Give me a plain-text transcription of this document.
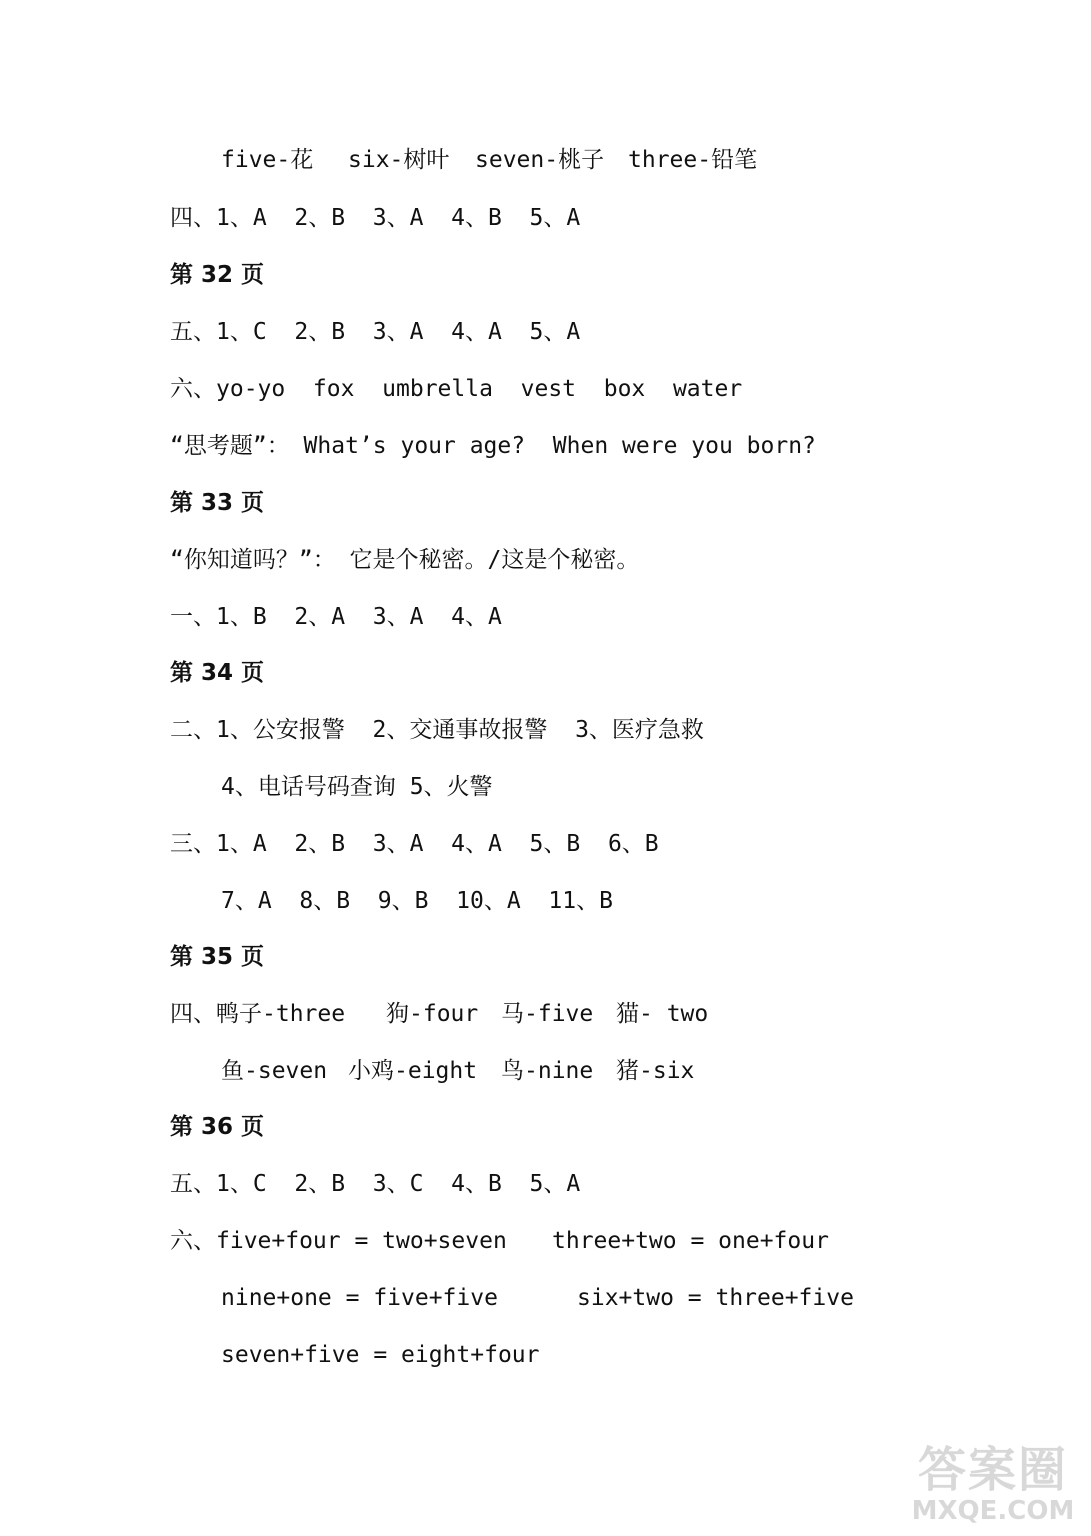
five-花

six-树叶

seven-桃子

three-铅笔

四、1、A  2、B  3、A  4、B  5、A
第 32 页
五、1、C  2、B  3、A  4、A  5、A
六、yo-yo  fox  umbrella  vest  box  water
“思考题”： What’s your age?  When were you born?
第 33 页
“你知道吗？”： 它是个秘密。/这是个秘密。
一、1、B  2、A  3、A  4、A
第 34 页
二、1、公安报警  2、交通事故报警  3、医疗急救
4、电话号码查询 5、火警
三、1、A  2、B  3、A  4、A  5、B  6、B
7、A  8、B  9、B  10、A  11、B
第 35 页

四、鸭子-three

狗-four

马-five

猫- two

鱼-seven

小鸡-eight

鸟-nine

猪-six

第 36 页
五、1、C  2、B  3、C  4、B  5、A

六、five+four = two+seven

three+two = one+four

nine+one = five+five

	six+two = three+five

seven+five = eight+four
答案圈
MXQE.COM
